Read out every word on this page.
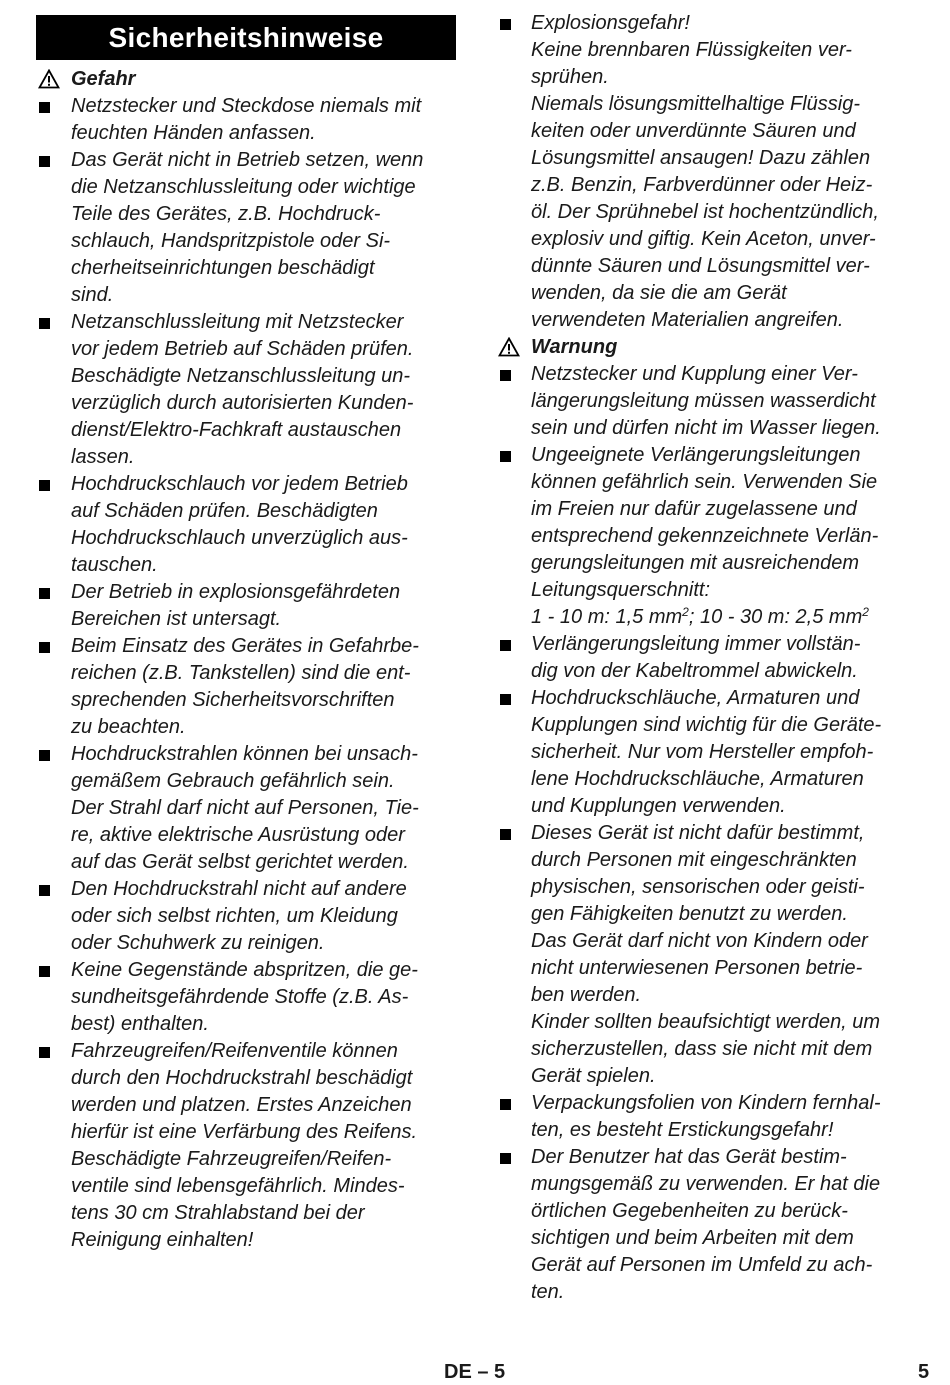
Sicherheitshinweise
Gefahr
Netzstecker und Steckdose niemals mit
feuchten Händen anfassen.
Das Gerät nicht in Betrieb setzen, wenn
die Netzanschlussleitung oder wichtige
Teile des Gerätes, z.B. Hochdruck-
schlauch, Handspritzpistole oder Si-
cherheitseinrichtungen beschädigt
sind.
Netzanschlussleitung mit Netzstecker
vor jedem Betrieb auf Schäden prüfen.
Beschädigte Netzanschlussleitung un-
verzüglich durch autorisierten Kunden-
dienst/Elektro-Fachkraft austauschen
lassen.
Hochdruckschlauch vor jedem Betrieb
auf Schäden prüfen. Beschädigten
Hochdruckschlauch unverzüglich aus-
tauschen.
Der Betrieb in explosionsgefährdeten
Bereichen ist untersagt.
Beim Einsatz des Gerätes in Gefahrbe-
reichen (z.B. Tankstellen) sind die ent-
sprechenden Sicherheitsvorschriften
zu beachten.
Hochdruckstrahlen können bei unsach-
gemäßem Gebrauch gefährlich sein.
Der Strahl darf nicht auf Personen, Tie-
re, aktive elektrische Ausrüstung oder
auf das Gerät selbst gerichtet werden.
Den Hochdruckstrahl nicht auf andere
oder sich selbst richten, um Kleidung
oder Schuhwerk zu reinigen.
Keine Gegenstände abspritzen, die ge-
sundheitsgefährdende Stoffe (z.B. As-
best) enthalten.
Fahrzeugreifen/Reifenventile können
durch den Hochdruckstrahl beschädigt
werden und platzen. Erstes Anzeichen
hierfür ist eine Verfärbung des Reifens.
Beschädigte Fahrzeugreifen/Reifen-
ventile sind lebensgefährlich. Mindes-
tens 30 cm Strahlabstand bei der
Reinigung einhalten!
Explosionsgefahr!
Keine brennbaren Flüssigkeiten ver-
sprühen.
Niemals lösungsmittelhaltige Flüssig-
keiten oder unverdünnte Säuren und
Lösungsmittel ansaugen! Dazu zählen
z.B. Benzin, Farbverdünner oder Heiz-
öl. Der Sprühnebel ist hochentzündlich,
explosiv und giftig. Kein Aceton, unver-
dünnte Säuren und Lösungsmittel ver-
wenden, da sie die am Gerät
verwendeten Materialien angreifen.
Warnung
Netzstecker und Kupplung einer Ver-
längerungsleitung müssen wasserdicht
sein und dürfen nicht im Wasser liegen.
Ungeeignete Verlängerungsleitungen
können gefährlich sein. Verwenden Sie
im Freien nur dafür zugelassene und
entsprechend gekennzeichnete Verlän-
gerungsleitungen mit ausreichendem
Leitungsquerschnitt:
1 - 10 m: 1,5 $mm^2$; 10 - 30 m: 2,5 $mm^2$
Verlängerungsleitung immer vollstän-
dig von der Kabeltrommel abwickeln.
Hochdruckschläuche, Armaturen und
Kupplungen sind wichtig für die Geräte-
sicherheit. Nur vom Hersteller empfoh-
lene Hochdruckschläuche, Armaturen
und Kupplungen verwenden.
Dieses Gerät ist nicht dafür bestimmt,
durch Personen mit eingeschränkten
physischen, sensorischen oder geisti-
gen Fähigkeiten benutzt zu werden.
Das Gerät darf nicht von Kindern oder
nicht unterwiesenen Personen betrie-
ben werden.
Kinder sollten beaufsichtigt werden, um
sicherzustellen, dass sie nicht mit dem
Gerät spielen.
Verpackungsfolien von Kindern fernhal-
ten, es besteht Erstickungsgefahr!
Der Benutzer hat das Gerät bestim-
mungsgemäß zu verwenden. Er hat die
örtlichen Gegebenheiten zu berück-
sichtigen und beim Arbeiten mit dem
Gerät auf Personen im Umfeld zu ach-
ten.
DE – 5	5
